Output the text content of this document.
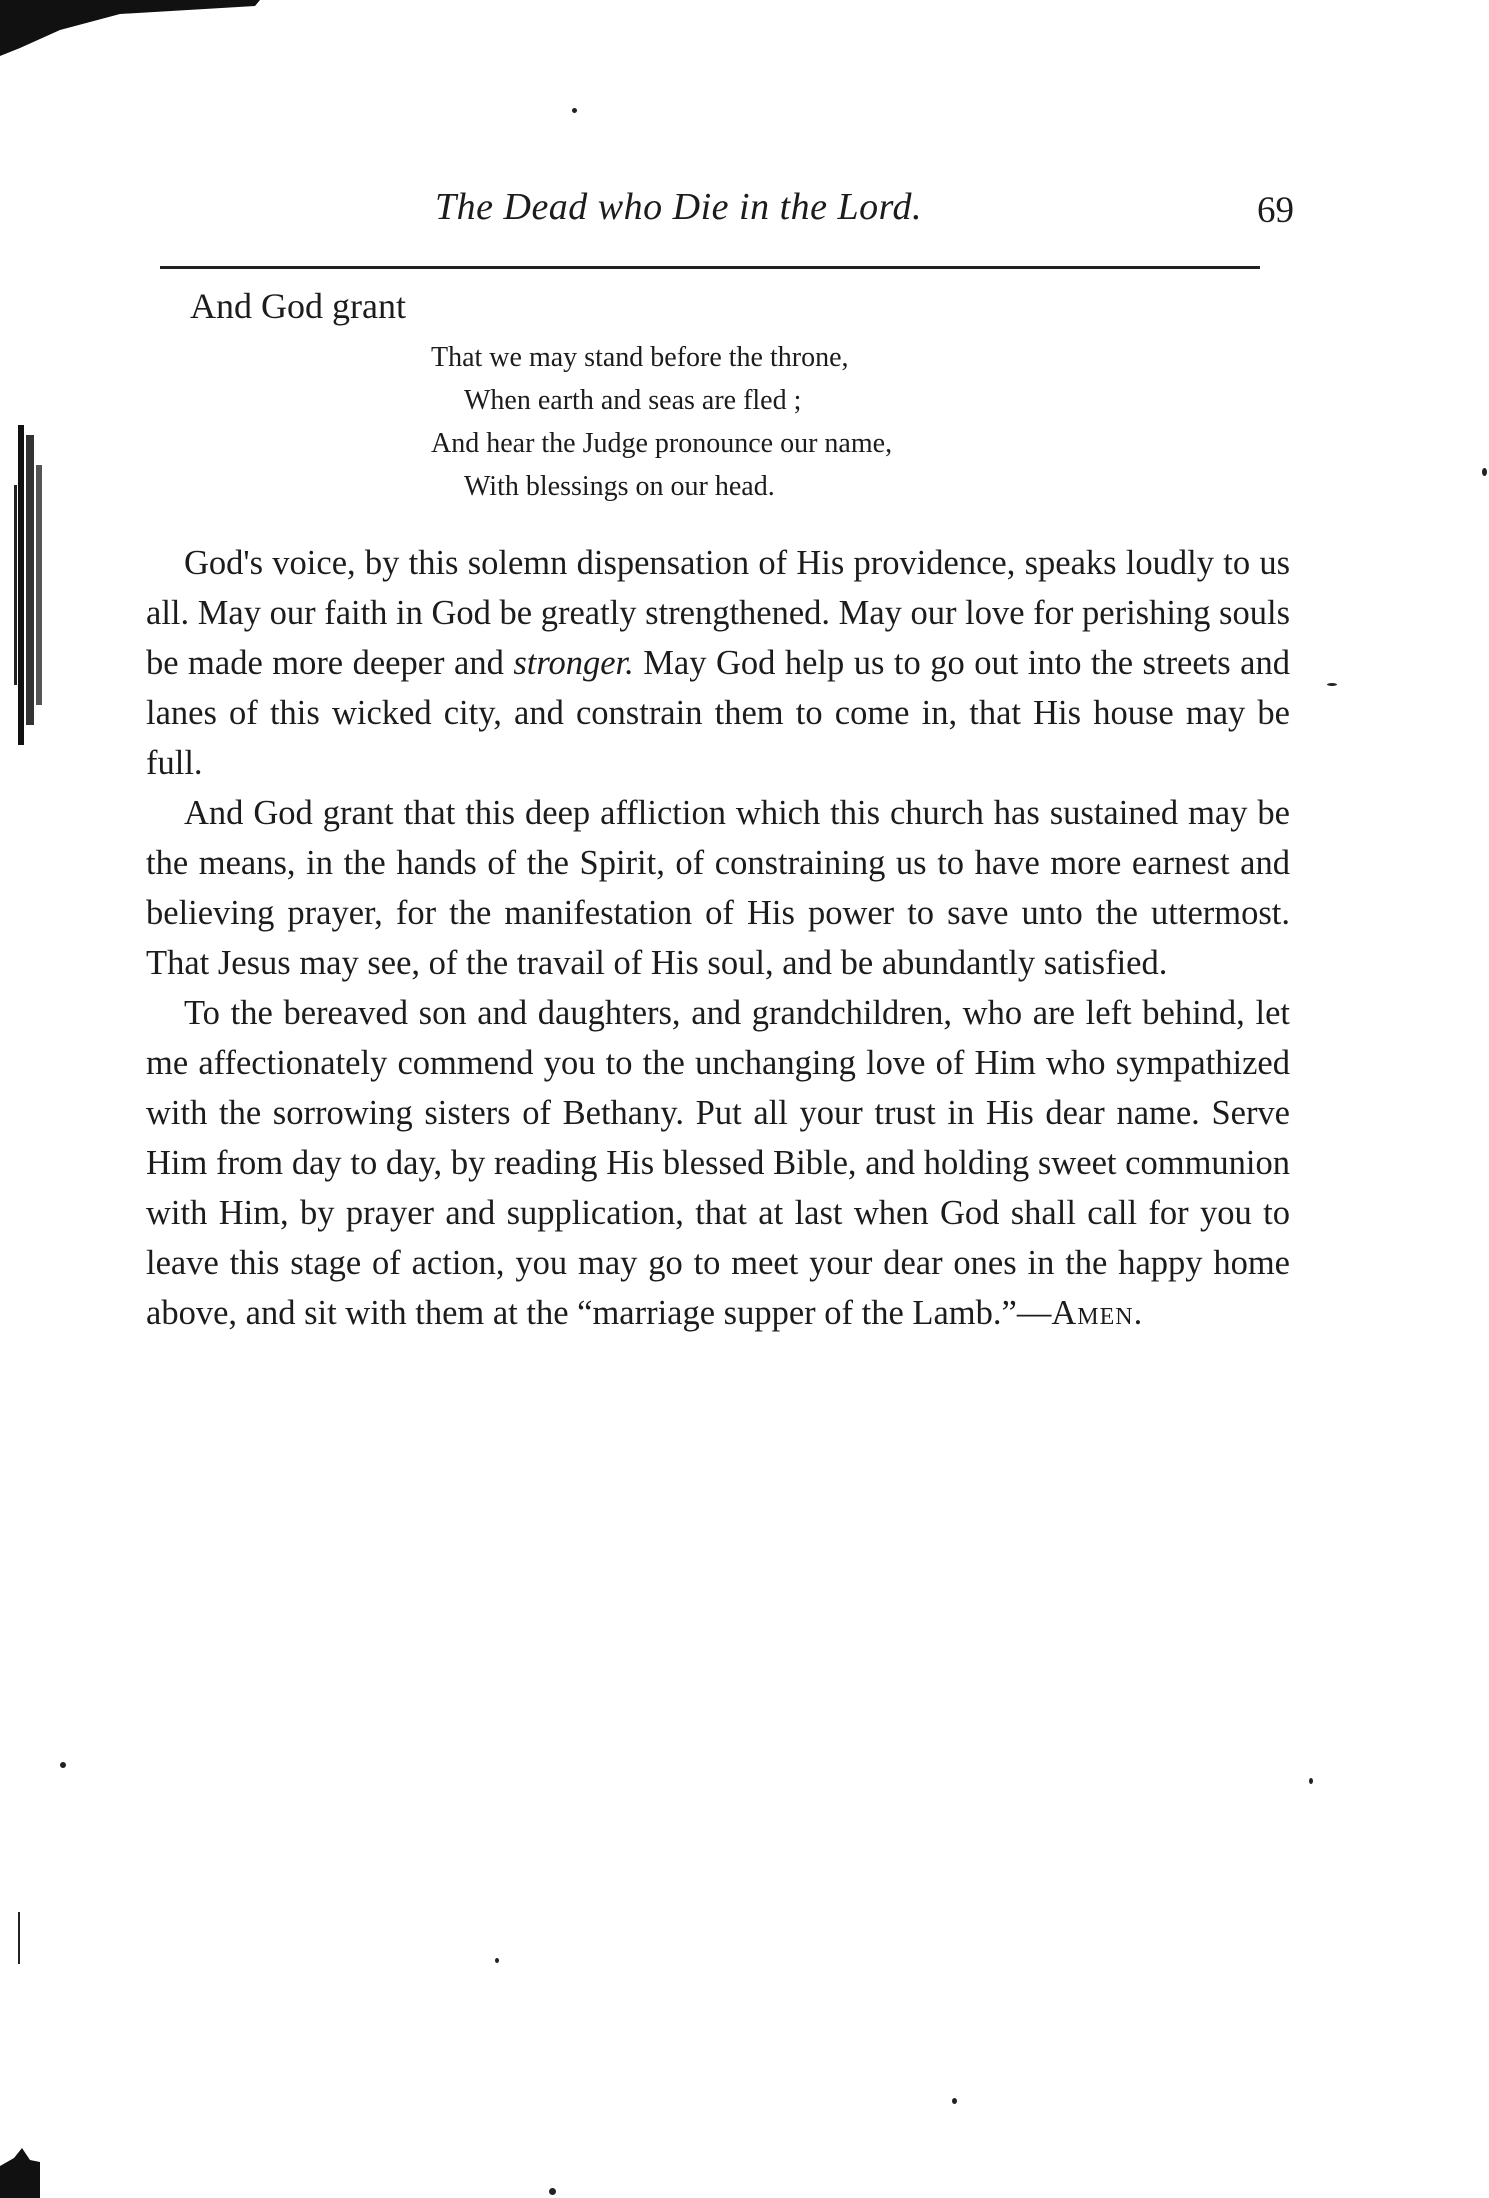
The Dead who Die in the Lord.	69

And God grant

That we may stand before the throne,
When earth and seas are fled ;
And hear the Judge pronounce our name,
With blessings on our head.

God's voice, by this solemn dispensation of His providence, speaks loudly to us all. May our faith in God be greatly strengthened. May our love for perishing souls be made more deeper and stronger. May God help us to go out into the streets and lanes of this wicked city, and constrain them to come in, that His house may be full.

And God grant that this deep affliction which this church has sustained may be the means, in the hands of the Spirit, of constraining us to have more earnest and believing prayer, for the manifestation of His power to save unto the uttermost. That Jesus may see, of the travail of His soul, and be abundantly satisfied.

To the bereaved son and daughters, and grandchildren, who are left behind, let me affectionately commend you to the unchanging love of Him who sympathized with the sorrowing sisters of Bethany. Put all your trust in His dear name. Serve Him from day to day, by reading His blessed Bible, and holding sweet communion with Him, by prayer and supplication, that at last when God shall call for you to leave this stage of action, you may go to meet your dear ones in the happy home above, and sit with them at the “marriage supper of the Lamb.”—Amen.
